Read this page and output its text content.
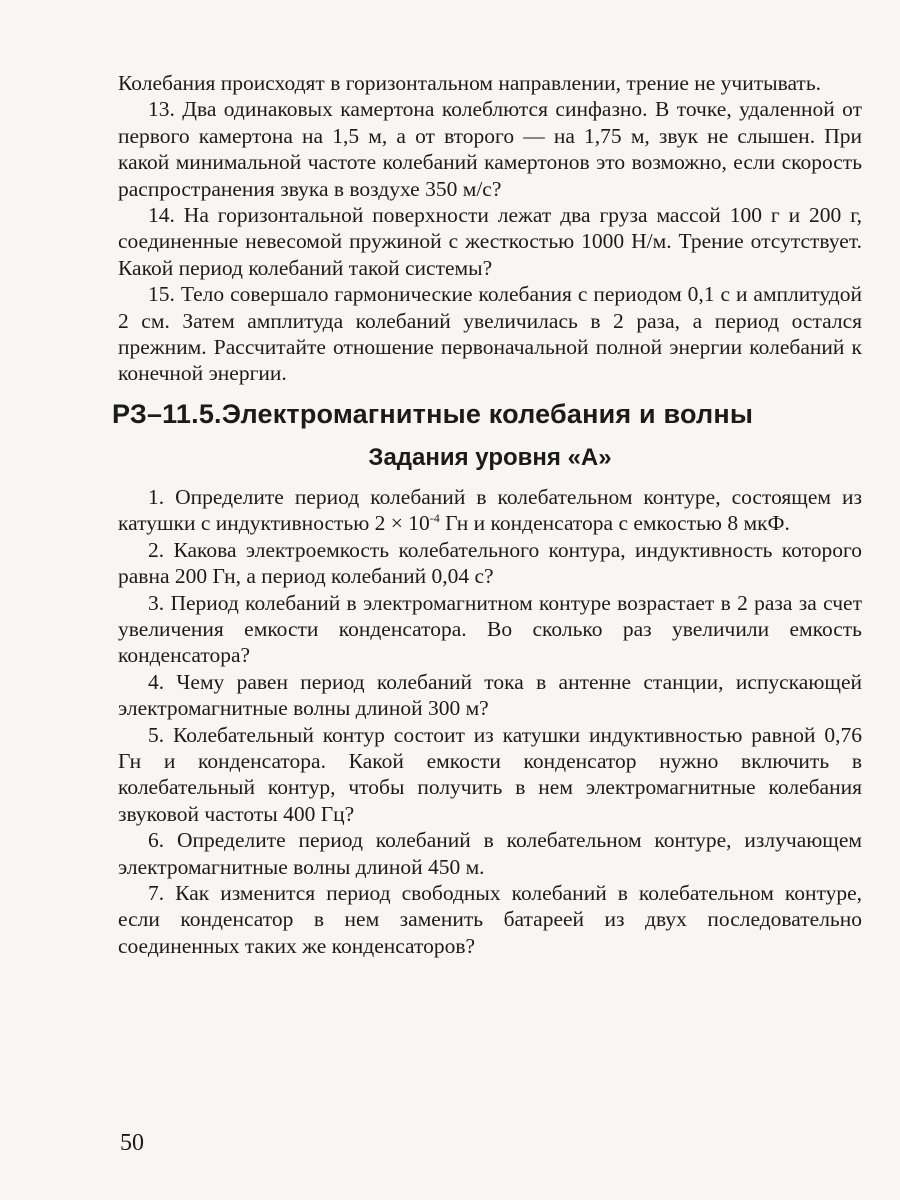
Колебания происходят в горизонтальном направлении, трение не учитывать.

13. Два одинаковых камертона колеблются синфазно. В точке, удаленной от первого камертона на 1,5 м, а от второго — на 1,75 м, звук не слышен. При какой минимальной частоте колебаний камертонов это возможно, если скорость распространения звука в воздухе 350 м/с?

14. На горизонтальной поверхности лежат два груза массой 100 г и 200 г, соединенные невесомой пружиной с жесткостью 1000 Н/м. Трение отсутствует. Какой период колебаний такой системы?

15. Тело совершало гармонические колебания с периодом 0,1 с и амплитудой 2 см. Затем амплитуда колебаний увеличилась в 2 раза, а период остался прежним. Рассчитайте отношение первоначальной полной энергии колебаний к конечной энергии.

РЗ–11.5.Электромагнитные колебания и волны
Задания уровня «А»

1. Определите период колебаний в колебательном контуре, состоящем из катушки с индуктивностью $2 \times 10^{-4}$ Гн и конденсатора с емкостью 8 мкФ.

2. Какова электроемкость колебательного контура, индуктивность которого равна 200 Гн, а период колебаний 0,04 с?

3. Период колебаний в электромагнитном контуре возрастает в 2 раза за счет увеличения емкости конденсатора. Во сколько раз увеличили емкость конденсатора?

4. Чему равен период колебаний тока в антенне станции, испускающей электромагнитные волны длиной 300 м?

5. Колебательный контур состоит из катушки индуктивностью равной 0,76 Гн и конденсатора. Какой емкости конденсатор нужно включить в колебательный контур, чтобы получить в нем электромагнитные колебания звуковой частоты 400 Гц?

6. Определите период колебаний в колебательном контуре, излучающем электромагнитные волны длиной 450 м.

7. Как изменится период свободных колебаний в колебательном контуре, если конденсатор в нем заменить батареей из двух последовательно соединенных таких же конденсаторов?

50
